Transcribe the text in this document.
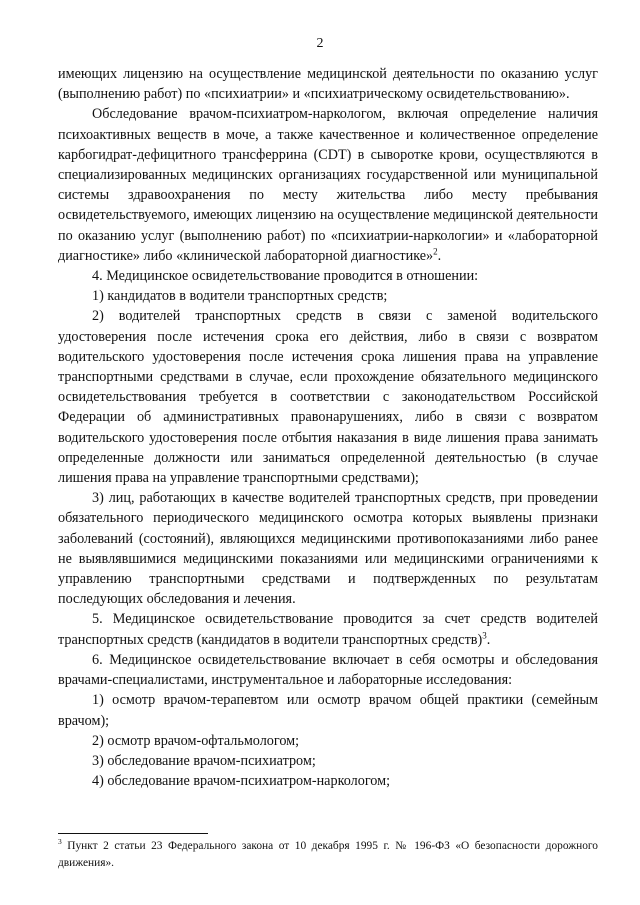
2

имеющих лицензию на осуществление медицинской деятельности по оказанию услуг (выполнению работ) по «психиатрии» и «психиатрическому освидетельствованию».

Обследование врачом-психиатром-наркологом, включая определение наличия психоактивных веществ в моче, а также качественное и количественное определение карбогидрат-дефицитного трансферрина (CDT) в сыворотке крови, осуществляются в специализированных медицинских организациях государственной или муниципальной системы здравоохранения по месту жительства либо месту пребывания освидетельствуемого, имеющих лицензию на осуществление медицинской деятельности по оказанию услуг (выполнению работ) по «психиатрии-наркологии» и «лабораторной диагностике» либо «клинической лабораторной диагностике»$^2$.

4. Медицинское освидетельствование проводится в отношении:

1) кандидатов в водители транспортных средств;

2) водителей транспортных средств в связи с заменой водительского удостоверения после истечения срока его действия, либо в связи с возвратом водительского удостоверения после истечения срока лишения права на управление транспортными средствами в случае, если прохождение обязательного медицинского освидетельствования требуется в соответствии с законодательством Российской Федерации об административных правонарушениях, либо в связи с возвратом водительского удостоверения после отбытия наказания в виде лишения права занимать определенные должности или заниматься определенной деятельностью (в случае лишения права на управление транспортными средствами);

3) лиц, работающих в качестве водителей транспортных средств, при проведении обязательного периодического медицинского осмотра которых выявлены признаки заболеваний (состояний), являющихся медицинскими противопоказаниями либо ранее не выявлявшимися медицинскими показаниями или медицинскими ограничениями к управлению транспортными средствами и подтвержденных по результатам последующих обследования и лечения.

5. Медицинское освидетельствование проводится за счет средств водителей транспортных средств (кандидатов в водители транспортных средств)$^3$.

6. Медицинское освидетельствование включает в себя осмотры и обследования врачами-специалистами, инструментальное и лабораторные исследования:

1) осмотр врачом-терапевтом или осмотр врачом общей практики (семейным врачом);

2) осмотр врачом-офтальмологом;

3) обследование врачом-психиатром;

4) обследование врачом-психиатром-наркологом;

$^3$ Пункт 2 статьи 23 Федерального закона от 10 декабря 1995 г. № 196-ФЗ «О безопасности дорожного движения».
